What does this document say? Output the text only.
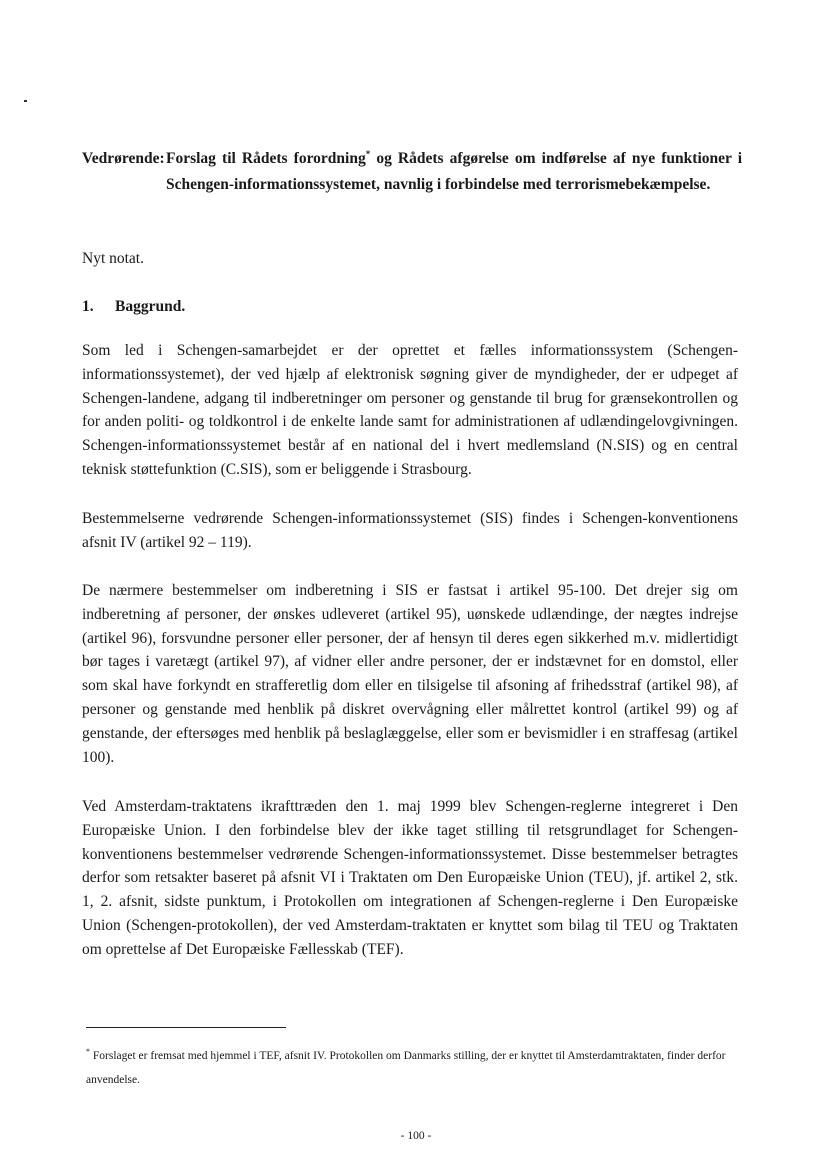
Vedrørende: Forslag til Rådets forordning* og Rådets afgørelse om indførelse af nye funktioner i Schengen-informationssystemet, navnlig i forbindelse med terrorismebekæmpelse.

Nyt notat.

1. Baggrund.

Som led i Schengen-samarbejdet er der oprettet et fælles informationssystem (Schengen-informationssystemet), der ved hjælp af elektronisk søgning giver de myndigheder, der er udpeget af Schengen-landene, adgang til indberetninger om personer og genstande til brug for grænsekontrollen og for anden politi- og toldkontrol i de enkelte lande samt for administrationen af udlændingelovgivningen. Schengen-informationssystemet består af en national del i hvert medlemsland (N.SIS) og en central teknisk støttefunktion (C.SIS), som er beliggende i Strasbourg.

Bestemmelserne vedrørende Schengen-informationssystemet (SIS) findes i Schengen-konventionens afsnit IV (artikel 92 – 119).

De nærmere bestemmelser om indberetning i SIS er fastsat i artikel 95-100. Det drejer sig om indberetning af personer, der ønskes udleveret (artikel 95), uønskede udlændinge, der nægtes indrejse (artikel 96), forsvundne personer eller personer, der af hensyn til deres egen sikkerhed m.v. midlertidigt bør tages i varetægt (artikel 97), af vidner eller andre personer, der er indstævnet for en domstol, eller som skal have forkyndt en strafferetlig dom eller en tilsigelse til afsoning af frihedsstraf (artikel 98), af personer og genstande med henblik på diskret overvågning eller målrettet kontrol (artikel 99) og af genstande, der eftersøges med henblik på beslaglæggelse, eller som er bevismidler i en straffesag (artikel 100).

Ved Amsterdam-traktatens ikrafttræden den 1. maj 1999 blev Schengen-reglerne integreret i Den Europæiske Union. I den forbindelse blev der ikke taget stilling til retsgrundlaget for Schengen-konventionens bestemmelser vedrørende Schengen-informationssystemet. Disse bestemmelser betragtes derfor som retsakter baseret på afsnit VI i Traktaten om Den Europæiske Union (TEU), jf. artikel 2, stk. 1, 2. afsnit, sidste punktum, i Protokollen om integrationen af Schengen-reglerne i Den Europæiske Union (Schengen-protokollen), der ved Amsterdam-traktaten er knyttet som bilag til TEU og Traktaten om oprettelse af Det Europæiske Fællesskab (TEF).

* Forslaget er fremsat med hjemmel i TEF, afsnit IV. Protokollen om Danmarks stilling, der er knyttet til Amsterdamtraktaten, finder derfor anvendelse.

- 100 -
